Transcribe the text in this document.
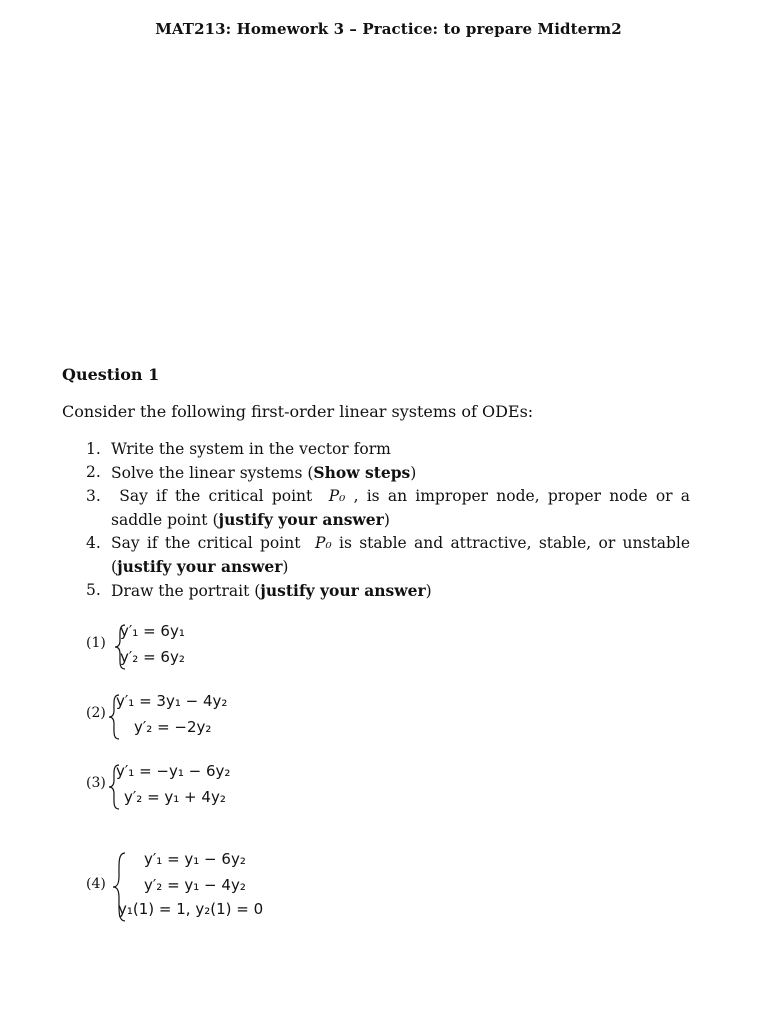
MAT213: Homework 3 – Practice: to prepare Midterm2
Question 1
Consider the following first-order linear systems of ODEs:
1. Write the system in the vector form
2. Solve the linear systems (Show steps)
3.	Say if the critical point P₀ , is an improper node, proper node or a saddle point (justify your answer)
4. Say if the critical point P₀ is stable and attractive, stable, or unstable (justify your answer)
5. Draw the portrait (justify your answer)
(1)
y′₁ = 6y₁
y′₂ = 6y₂
(2)
y′₁ = 3y₁ − 4y₂
y′₂ = −2y₂
(3)
y′₁ = −y₁ − 6y₂
y′₂ = y₁ + 4y₂
(4)
y′₁ = y₁ − 6y₂
y′₂ = y₁ − 4y₂
y₁(1) = 1, y₂(1) = 0
